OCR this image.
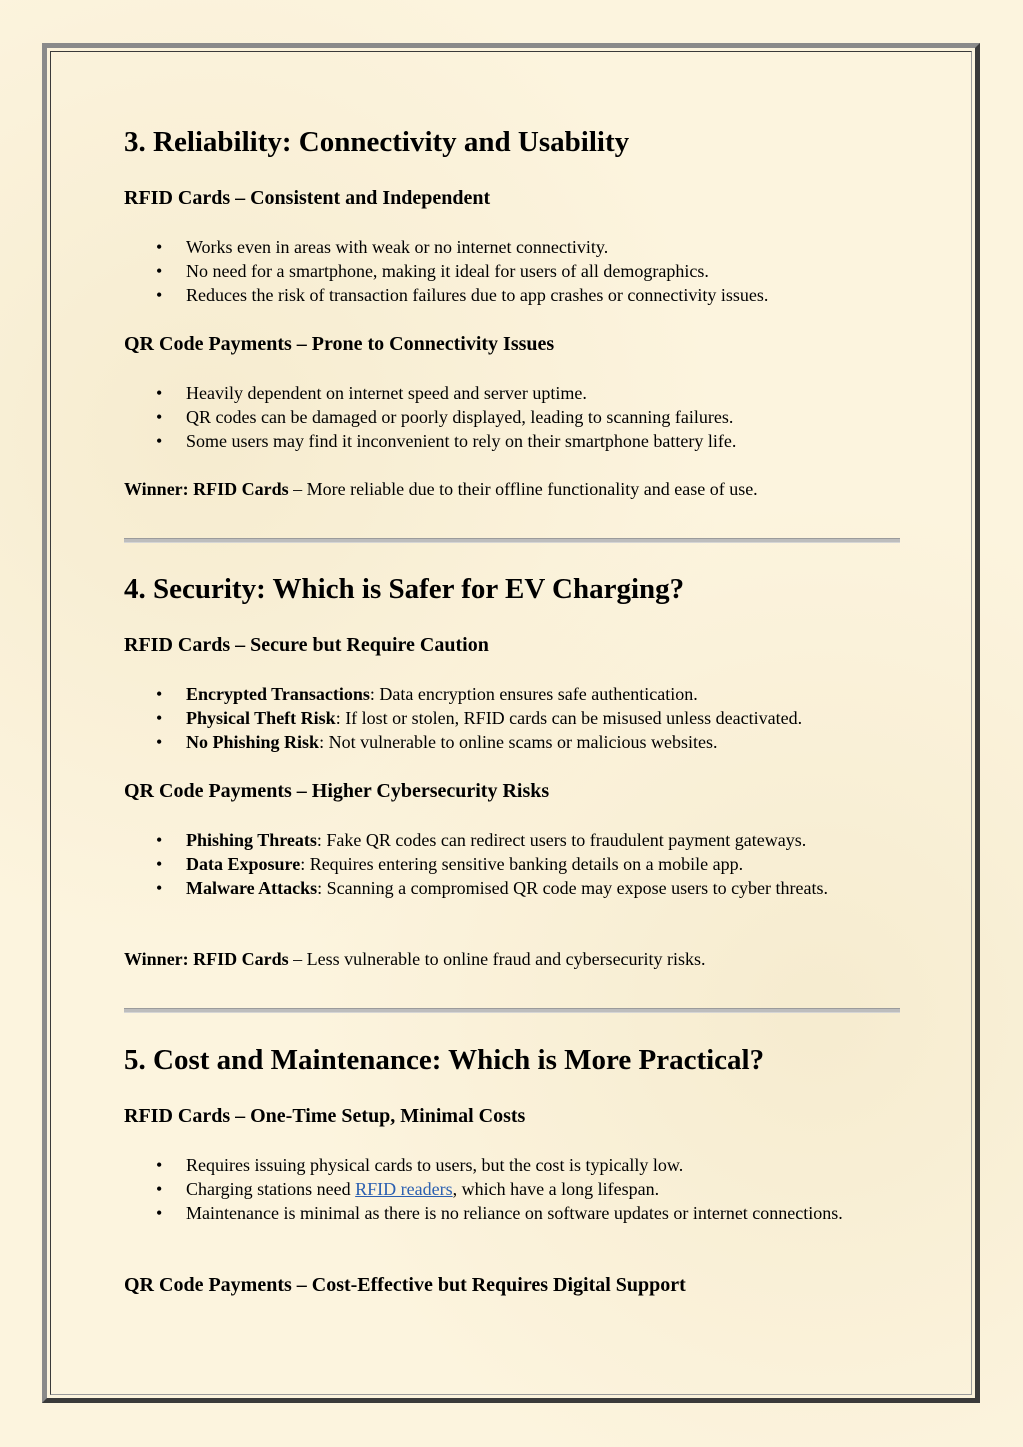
3. Reliability: Connectivity and Usability
RFID Cards – Consistent and Independent
• Works even in areas with weak or no internet connectivity.
• No need for a smartphone, making it ideal for users of all demographics.
• Reduces the risk of transaction failures due to app crashes or connectivity issues.
QR Code Payments – Prone to Connectivity Issues
• Heavily dependent on internet speed and server uptime.
• QR codes can be damaged or poorly displayed, leading to scanning failures.
• Some users may find it inconvenient to rely on their smartphone battery life.

Winner: RFID Cards – More reliable due to their offline functionality and ease of use.

4. Security: Which is Safer for EV Charging?
RFID Cards – Secure but Require Caution
• Encrypted Transactions: Data encryption ensures safe authentication.
• Physical Theft Risk: If lost or stolen, RFID cards can be misused unless deactivated.
• No Phishing Risk: Not vulnerable to online scams or malicious websites.
QR Code Payments – Higher Cybersecurity Risks
• Phishing Threats: Fake QR codes can redirect users to fraudulent payment gateways.
• Data Exposure: Requires entering sensitive banking details on a mobile app.
• Malware Attacks: Scanning a compromised QR code may expose users to cyber threats.

Winner: RFID Cards – Less vulnerable to online fraud and cybersecurity risks.

5. Cost and Maintenance: Which is More Practical?
RFID Cards – One-Time Setup, Minimal Costs
• Requires issuing physical cards to users, but the cost is typically low.
• Charging stations need RFID readers, which have a long lifespan.
• Maintenance is minimal as there is no reliance on software updates or internet connections.
QR Code Payments – Cost-Effective but Requires Digital Support
